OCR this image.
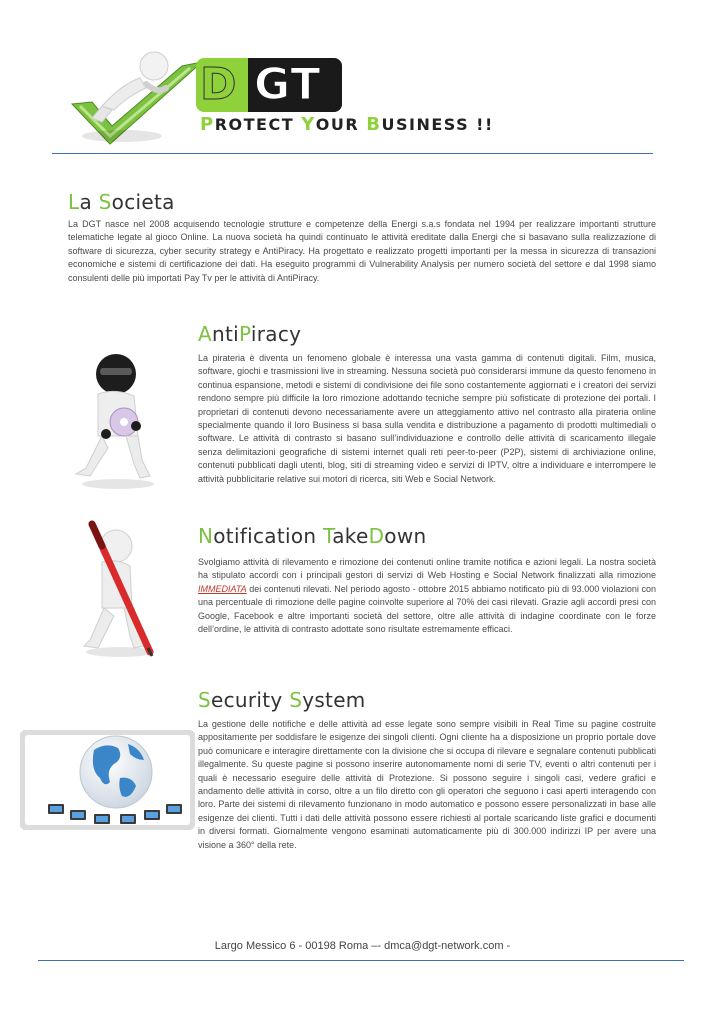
D GT
PROTECT YOUR BUSINESS !!
La Societa

La DGT nasce nel 2008 acquisendo tecnologie strutture e competenze della Energi s.a.s fondata nel 1994 per realizzare importanti strutture telematiche legate al gioco Online. La nuova società ha quindi continuato le attività ereditate dalla Energi che si basavano sulla realizzazione di software di sicurezza, cyber security strategy e AntiPiracy. Ha progettato e realizzato progetti importanti per la messa in sicurezza di transazioni economiche e sistemi di certificazione dei dati. Ha eseguito programmi di Vulnerability Analysis per numero società del settore e dal 1998 siamo consulenti delle più importati Pay Tv per le attività di AntiPiracy.

AntiPiracy

La pirateria è diventa un fenomeno globale è interessa una vasta gamma di contenuti digitali. Film, musica, software, giochi e trasmissioni live in streaming. Nessuna società può considerarsi immune da questo fenomeno in continua espansione, metodi e sistemi di condivisione dei file sono costantemente aggiornati e i creatori dei servizi rendono sempre più difficile la loro rimozione adottando tecniche sempre più sofisticate di protezione dei portali. I proprietari di contenuti devono necessariamente avere un atteggiamento attivo nel contrasto alla pirateria online specialmente quando il loro Business si basa sulla vendita e distribuzione a pagamento di prodotti multimediali o software. Le attività di contrasto si basano sull’individuazione e controllo delle attività di scaricamento illegale senza delimitazioni geografiche di sistemi internet quali reti peer-to-peer (P2P), sistemi di archiviazione online, contenuti pubblicati dagli utenti, blog, siti di streaming video e servizi di IPTV, oltre a individuare e interrompere le attività pubblicitarie relative sui motori di ricerca, siti Web e Social Network.

Notification TakeDown

Svolgiamo attività di rilevamento e rimozione dei contenuti online tramite notifica e azioni legali. La nostra società ha stipulato accordi con i principali gestori di servizi di Web Hosting e Social Network finalizzati alla rimozione IMMEDIATA dei contenuti rilevati. Nel periodo agosto - ottobre 2015 abbiamo notificato più di 93.000 violazioni con una percentuale di rimozione delle pagine coinvolte superiore al 70% dei casi rilevati. Grazie agli accordi presi con Google, Facebook e altre importanti società del settore, oltre alle attività di indagine coordinate con le forze dell’ordine, le attività di contrasto adottate sono risultate estremamente efficaci.

Security System

La gestione delle notifiche e delle attività ad esse legate sono sempre visibili in Real Time su pagine costruite appositamente per soddisfare le esigenze dei singoli clienti. Ogni cliente ha a disposizione un proprio portale dove può comunicare e interagire direttamente con la divisione che si occupa di rilevare e segnalare contenuti pubblicati illegalmente. Su queste pagine si possono inserire autonomamente nomi di serie TV, eventi o altri contenuti per i quali è necessario eseguire delle attività di Protezione. Si possono seguire i singoli casi, vedere grafici e andamento delle attività in corso, oltre a un filo diretto con gli operatori che seguono i casi aperti interagendo con loro. Parte dei sistemi di rilevamento funzionano in modo automatico e possono essere personalizzati in base alle esigenze dei clienti. Tutti i dati delle attività possono essere richiesti al portale scaricando liste grafici e documenti in diversi formati. Giornalmente vengono esaminati automaticamente più di 300.000 indirizzi IP per avere una visione a 360° della rete.

Largo Messico 6 - 00198 Roma –- dmca@dgt-network.com -
